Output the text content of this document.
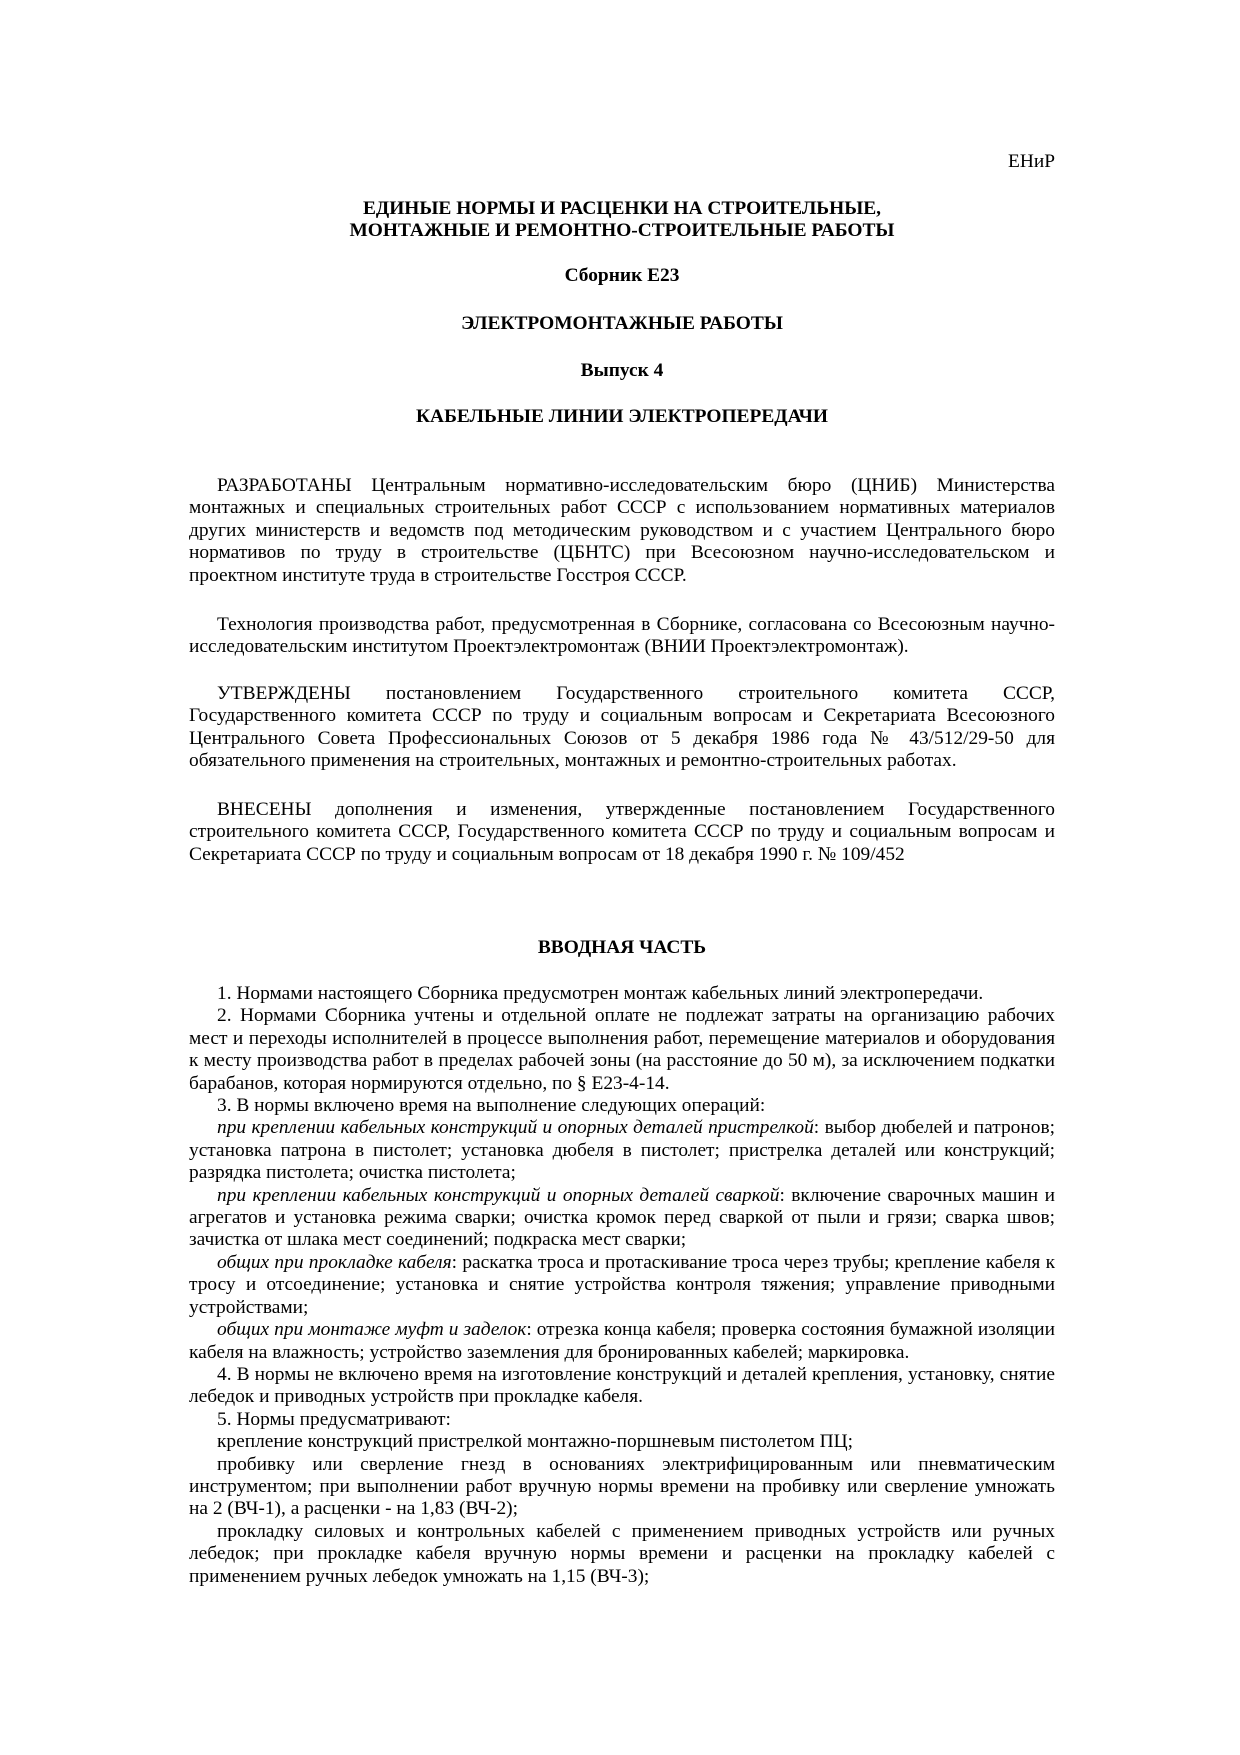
ЕНиР
ЕДИНЫЕ НОРМЫ И РАСЦЕНКИ НА СТРОИТЕЛЬНЫЕ,
МОНТАЖНЫЕ И РЕМОНТНО-СТРОИТЕЛЬНЫЕ РАБОТЫ
Сборник Е23
ЭЛЕКТРОМОНТАЖНЫЕ РАБОТЫ
Выпуск 4
КАБЕЛЬНЫЕ ЛИНИИ ЭЛЕКТРОПЕРЕДАЧИ
РАЗРАБОТАНЫ Центральным нормативно-исследовательским бюро (ЦНИБ) Министерства монтажных и специальных строительных работ СССР с использованием нормативных материалов других министерств и ведомств под методическим руководством и с участием Центрального бюро нормативов по труду в строительстве (ЦБНТС) при Всесоюзном научно-исследовательском и проектном институте труда в строительстве Госстроя СССР.
Технология производства работ, предусмотренная в Сборнике, согласована со Всесоюзным научно-исследовательским институтом Проектэлектромонтаж (ВНИИ Проектэлектромонтаж).
УТВЕРЖДЕНЫ постановлением Государственного строительного комитета СССР, Государственного комитета СССР по труду и социальным вопросам и Секретариата Всесоюзного Центрального Совета Профессиональных Союзов от 5 декабря 1986 года № 43/512/29-50 для обязательного применения на строительных, монтажных и ремонтно-строительных работах.
ВНЕСЕНЫ дополнения и изменения, утвержденные постановлением Государственного строительного комитета СССР, Государственного комитета СССР по труду и социальным вопросам и Секретариата СССР по труду и социальным вопросам от 18 декабря 1990 г. № 109/452
ВВОДНАЯ ЧАСТЬ

1. Нормами настоящего Сборника предусмотрен монтаж кабельных линий электропередачи.

2. Нормами Сборника учтены и отдельной оплате не подлежат затраты на организацию рабочих мест и переходы исполнителей в процессе выполнения работ, перемещение материалов и оборудования к месту производства работ в пределах рабочей зоны (на расстояние до 50 м), за исключением подкатки барабанов, которая нормируются отдельно, по § Е23-4-14.

3. В нормы включено время на выполнение следующих операций:

при креплении кабельных конструкций и опорных деталей пристрелкой: выбор дюбелей и патронов; установка патрона в пистолет; установка дюбеля в пистолет; пристрелка деталей или конструкций; разрядка пистолета; очистка пистолета;

при креплении кабельных конструкций и опорных деталей сваркой: включение сварочных машин и агрегатов и установка режима сварки; очистка кромок перед сваркой от пыли и грязи; сварка швов; зачистка от шлака мест соединений; подкраска мест сварки;

общих при прокладке кабеля: раскатка троса и протаскивание троса через трубы; крепление кабеля к тросу и отсоединение; установка и снятие устройства контроля тяжения; управление приводными устройствами;

общих при монтаже муфт и заделок: отрезка конца кабеля; проверка состояния бумажной изоляции кабеля на влажность; устройство заземления для бронированных кабелей; маркировка.

4. В нормы не включено время на изготовление конструкций и деталей крепления, установку, снятие лебедок и приводных устройств при прокладке кабеля.

5. Нормы предусматривают:

крепление конструкций пристрелкой монтажно-поршневым пистолетом ПЦ;

пробивку или сверление гнезд в основаниях электрифицированным или пневматическим инструментом; при выполнении работ вручную нормы времени на пробивку или сверление умножать на 2 (ВЧ-1), а расценки - на 1,83 (ВЧ-2);

прокладку силовых и контрольных кабелей с применением приводных устройств или ручных лебедок; при прокладке кабеля вручную нормы времени и расценки на прокладку кабелей с применением ручных лебедок умножать на 1,15 (ВЧ-3);
